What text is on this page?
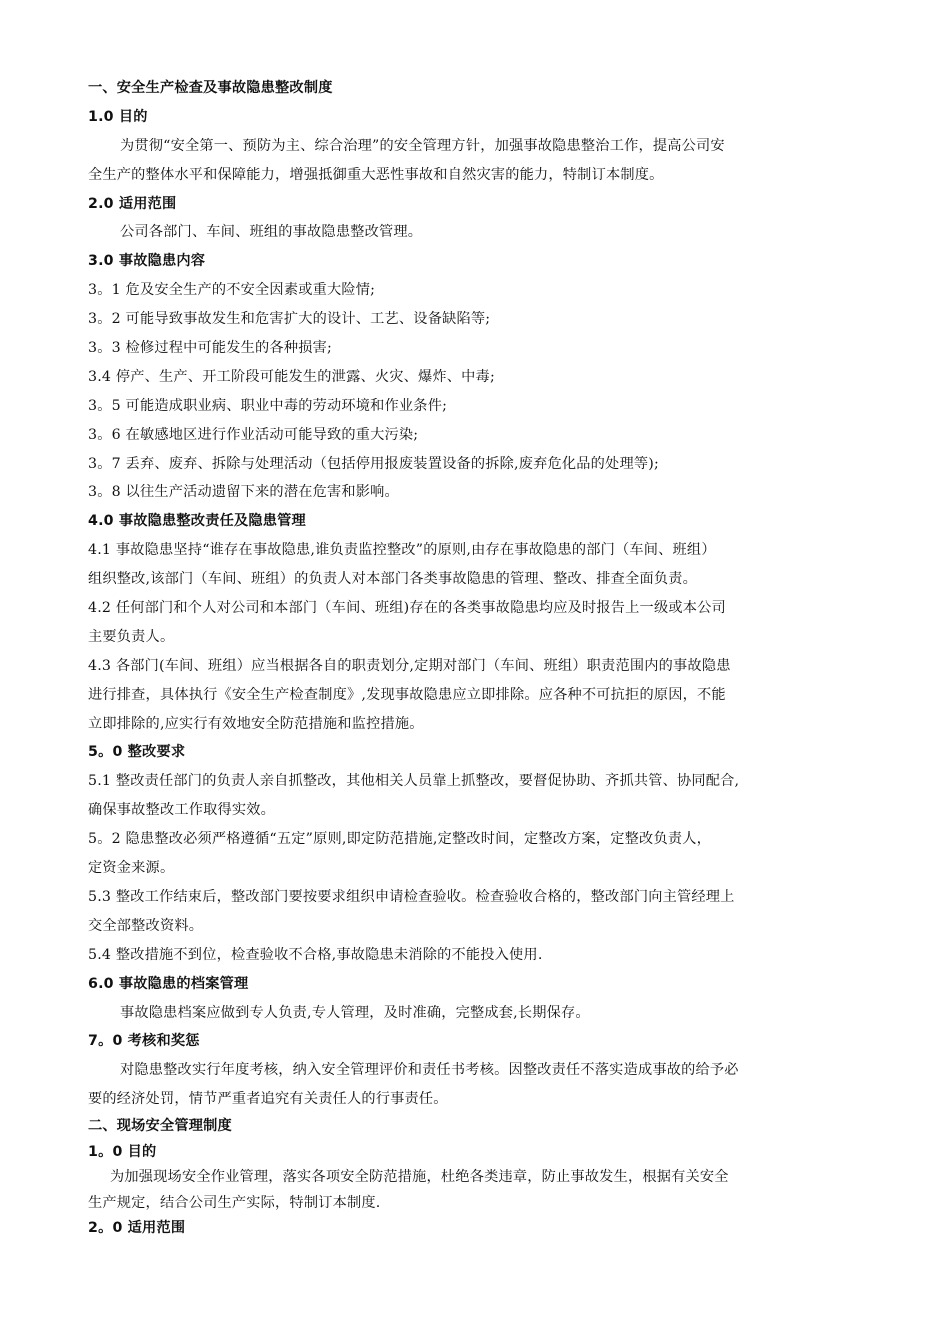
一、安全生产检查及事故隐患整改制度
1.0 目的
为贯彻“安全第一、预防为主、综合治理”的安全管理方针，加强事故隐患整治工作，提高公司安
全生产的整体水平和保障能力，增强抵御重大恶性事故和自然灾害的能力，特制订本制度。
2.0 适用范围
公司各部门、车间、班组的事故隐患整改管理。
3.0 事故隐患内容
3。1 危及安全生产的不安全因素或重大险情;
3。2 可能导致事故发生和危害扩大的设计、工艺、设备缺陷等;
3。3 检修过程中可能发生的各种损害;
3.4 停产、生产、开工阶段可能发生的泄露、火灾、爆炸、中毒;
3。5 可能造成职业病、职业中毒的劳动环境和作业条件;
3。6 在敏感地区进行作业活动可能导致的重大污染;
3。7 丢弃、废弃、拆除与处理活动（包括停用报废装置设备的拆除,废弃危化品的处理等);
3。8 以往生产活动遗留下来的潜在危害和影响。
4.0 事故隐患整改责任及隐患管理
4.1 事故隐患坚持“谁存在事故隐患,谁负责监控整改”的原则,由存在事故隐患的部门（车间、班组）
组织整改,该部门（车间、班组）的负责人对本部门各类事故隐患的管理、整改、排查全面负责。
4.2 任何部门和个人对公司和本部门（车间、班组)存在的各类事故隐患均应及时报告上一级或本公司
主要负责人。
4.3 各部门(车间、班组）应当根据各自的职责划分,定期对部门（车间、班组）职责范围内的事故隐患
进行排查，具体执行《安全生产检查制度》,发现事故隐患应立即排除。应各种不可抗拒的原因，不能
立即排除的,应实行有效地安全防范措施和监控措施。
5。0 整改要求
5.1 整改责任部门的负责人亲自抓整改，其他相关人员靠上抓整改，要督促协助、齐抓共管、协同配合,
确保事故整改工作取得实效。
5。2 隐患整改必须严格遵循“五定”原则,即定防范措施,定整改时间，定整改方案，定整改负责人，
定资金来源。
5.3 整改工作结束后，整改部门要按要求组织申请检查验收。检查验收合格的，整改部门向主管经理上
交全部整改资料。
5.4 整改措施不到位，检查验收不合格,事故隐患未消除的不能投入使用.
6.0 事故隐患的档案管理
事故隐患档案应做到专人负责,专人管理，及时准确，完整成套,长期保存。
7。0 考核和奖惩
对隐患整改实行年度考核，纳入安全管理评价和责任书考核。因整改责任不落实造成事故的给予必
要的经济处罚，情节严重者追究有关责任人的行事责任。
二、现场安全管理制度
1。0 目的
为加强现场安全作业管理，落实各项安全防范措施，杜绝各类违章，防止事故发生，根据有关安全
生产规定，结合公司生产实际，特制订本制度.
2。0 适用范围
